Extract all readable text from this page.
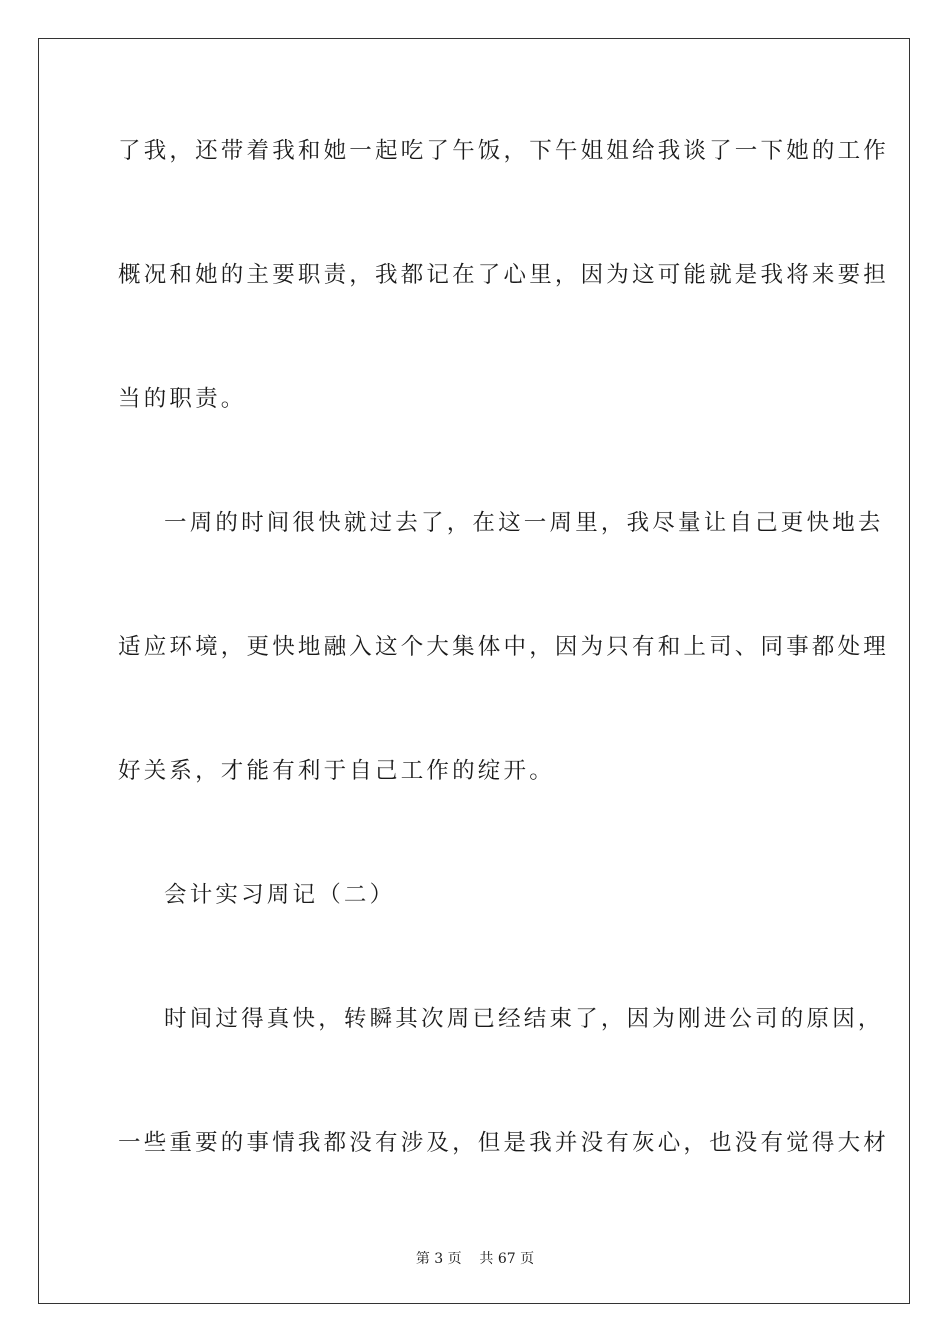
了我，还带着我和她一起吃了午饭，下午姐姐给我谈了一下她的工作
概况和她的主要职责，我都记在了心里，因为这可能就是我将来要担
当的职责。
一周的时间很快就过去了，在这一周里，我尽量让自己更快地去
适应环境，更快地融入这个大集体中，因为只有和上司、同事都处理
好关系，才能有利于自己工作的绽开。
会计实习周记（二）
时间过得真快，转瞬其次周已经结束了，因为刚进公司的原因，
一些重要的事情我都没有涉及，但是我并没有灰心，也没有觉得大材
第 3 页    共 67 页
